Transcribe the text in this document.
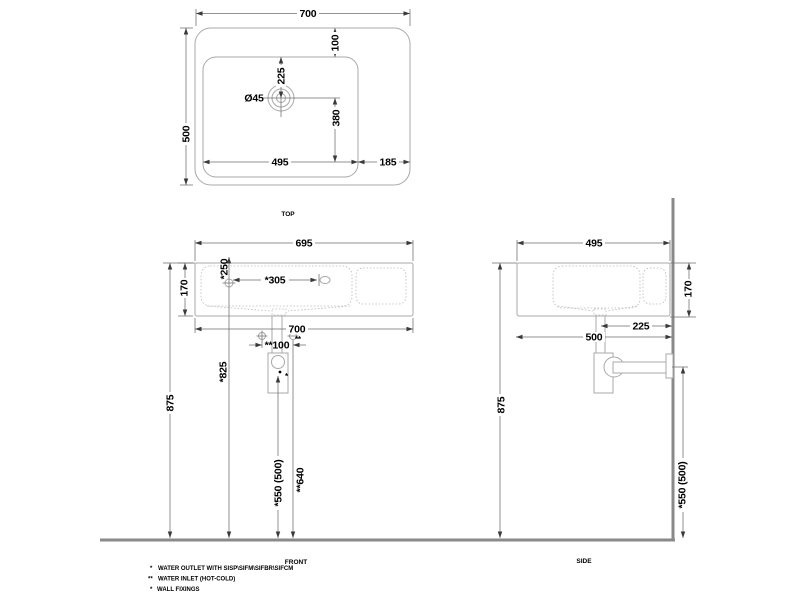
700
500
100
225
380
495	185
Ø45
TOP
*
695
170
700
*305
*250
*825
**100 **
875
*550 (500) **640
FRONT
495
170
225
500
875
*550 (500)
SIDE
* WATER OUTLET WITH SISP\SIFM\SIFBR\SIFCM
** WATER INLET (HOT-COLD)
* WALL FIXINGS
